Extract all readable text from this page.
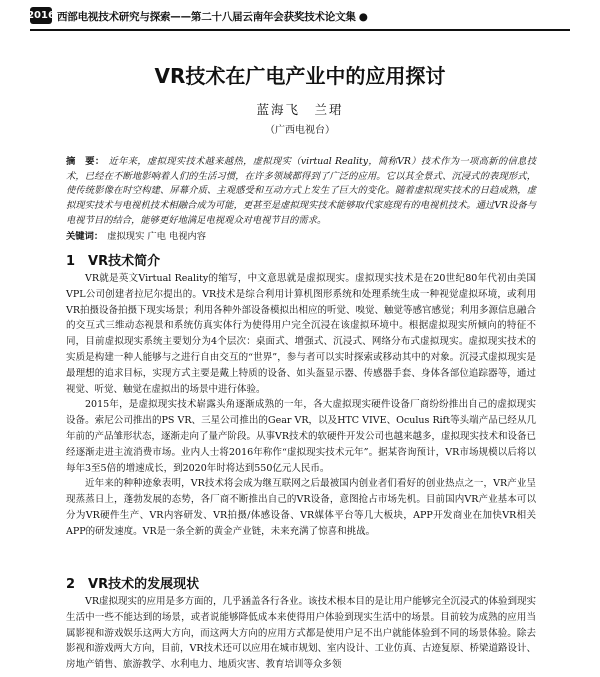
2016 西部电视技术研究与探索——第二十八届云南年会获奖技术论文集 ●
VR技术在广电产业中的应用探讨
蓝海飞　兰珺
（广西电视台）
摘　要： 近年来，虚拟现实技术越来越热，虚拟现实（virtual Reality，简称VR）技术作为一项高新的信息技术，已经在不断地影响着人们的生活习惯，在许多领域都得到了广泛的应用。它以其全景式、沉浸式的表现形式，使传统影像在时空构建、屏幕介质、主观感受和互动方式上发生了巨大的变化。随着虚拟现实技术的日趋成熟，虚拟现实技术与电视机技术相融合成为可能，更甚至是虚拟现实技术能够取代家庭现有的电视机技术。通过VR设备与电视节目的结合，能够更好地满足电视观众对电视节目的需求。
关键词： 虚拟现实 广电 电视内容
1　VR技术简介

VR就是英文Virtual Reality的缩写，中文意思就是虚拟现实。虚拟现实技术是在20世纪80年代初由美国VPL公司创建者拉尼尔提出的。VR技术是综合利用计算机图形系统和处理系统生成一种视觉虚拟环境，或利用VR拍摄设备拍摄下现实场景；利用各种外部设备模拟出相应的听觉、嗅觉、触觉等感官感觉；利用多源信息融合的交互式三维动态视景和系统仿真实体行为使得用户完全沉浸在该虚拟环境中。根据虚拟现实所倾向的特征不同，目前虚拟现实系统主要划分为4个层次：桌面式、增强式、沉浸式、网络分布式虚拟现实。虚拟现实技术的实质是构建一种人能够与之进行自由交互的“世界”，参与者可以实时探索或移动其中的对象。沉浸式虚拟现实是最理想的追求目标，实现方式主要是戴上特质的设备、如头盔显示器、传感器手套、身体各部位追踪器等，通过视觉、听觉、触觉在虚拟出的场景中进行体验。

2015年，是虚拟现实技术崭露头角逐渐成熟的一年，各大虚拟现实硬件设备厂商纷纷推出自己的虚拟现实设备。索尼公司推出的PS VR、三星公司推出的Gear VR，以及HTC VIVE、Oculus Rift等头端产品已经从几年前的产品雏形状态，逐渐走向了量产阶段。从事VR技术的软硬件开发公司也越来越多，虚拟现实技术和设备已经逐渐走进主流消费市场。业内人士将2016年称作“虚拟现实技术元年”。据某咨询预计，VR市场规模以后将以每年3至5倍的增速成长，到2020年时将达到550亿元人民币。

近年来的种种迹象表明，VR技术将会成为继互联网之后最被国内创业者们看好的创业热点之一，VR产业呈现蒸蒸日上，蓬勃发展的态势，各厂商不断推出自己的VR设备，意图抢占市场先机。目前国内VR产业基本可以分为VR硬件生产、VR内容研发、VR拍摄/体感设备、VR媒体平台等几大板块，APP开发商业在加快VR相关APP的研发速度。VR是一条全新的黄金产业链，未来充满了惊喜和挑战。

2　VR技术的发展现状

VR虚拟现实的应用是多方面的，几乎涵盖各行各业。该技术根本目的是让用户能够完全沉浸式的体验到现实生活中一些不能达到的场景，或者说能够降低成本来使得用户体验到现实生活中的场景。目前较为成熟的应用当属影视和游戏娱乐这两大方向，而这两大方向的应用方式都是使用户足不出户就能体验到不同的场景体验。除去影视和游戏两大方向，目前，VR技术还可以应用在城市规划、室内设计、工业仿真、古迹复原、桥梁道路设计、房地产销售、旅游教学、水利电力、地质灾害、教育培训等众多领
